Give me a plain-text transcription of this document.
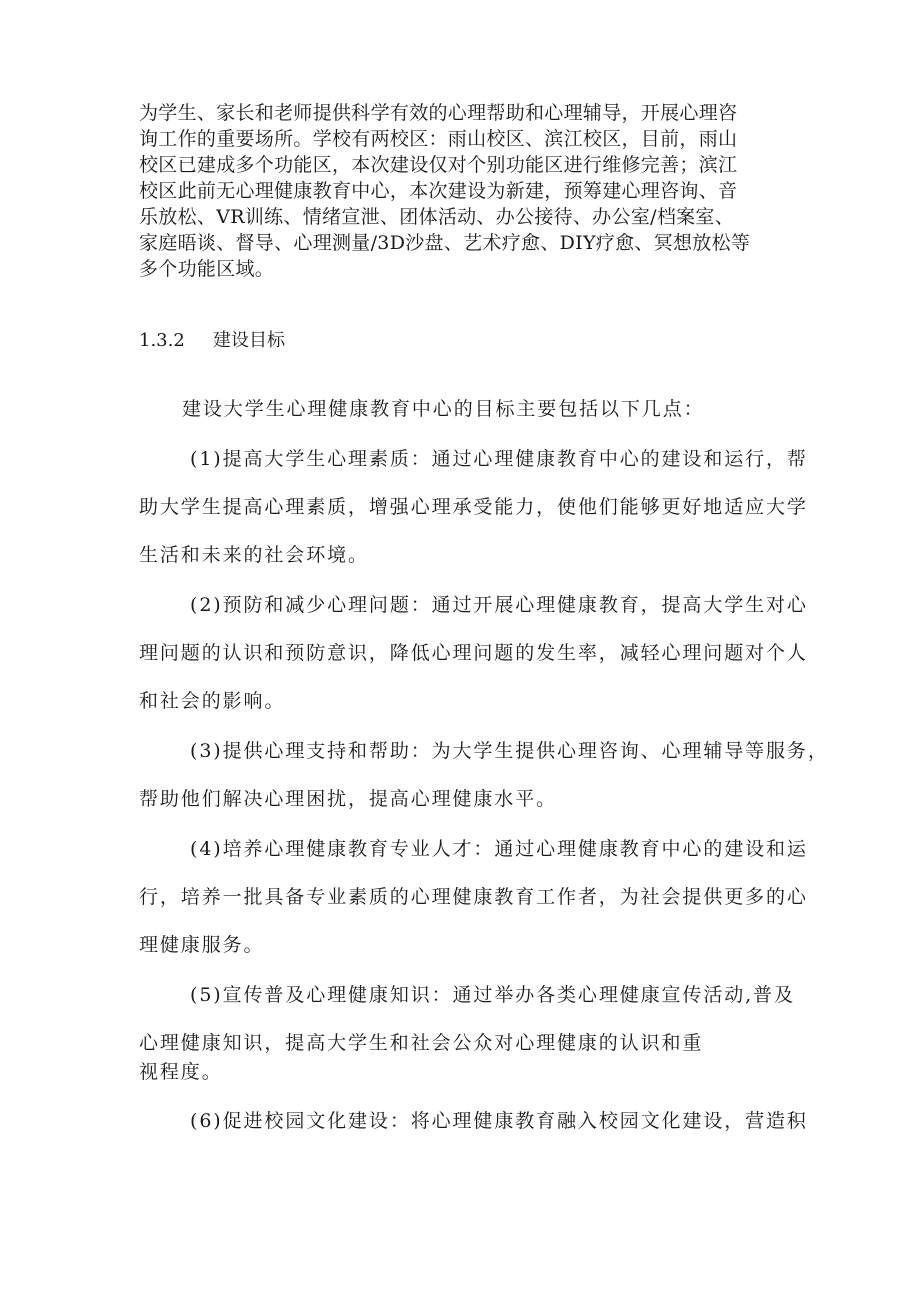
为学生、家长和老师提供科学有效的心理帮助和心理辅导，开展心理咨
询工作的重要场所。学校有两校区：雨山校区、滨江校区，目前，雨山
校区已建成多个功能区，本次建设仅对个别功能区进行维修完善；滨江
校区此前无心理健康教育中心，本次建设为新建，预筹建心理咨询、音
乐放松、VR训练、情绪宣泄、团体活动、办公接待、办公室/档案室、
家庭晤谈、督导、心理测量/3D沙盘、艺术疗愈、DIY疗愈、冥想放松等
多个功能区域。
1.3.2 建设目标
建设大学生心理健康教育中心的目标主要包括以下几点：
(1)提高大学生心理素质：通过心理健康教育中心的建设和运行，帮
助大学生提高心理素质，增强心理承受能力，使他们能够更好地适应大学
生活和未来的社会环境。
(2)预防和减少心理问题：通过开展心理健康教育，提高大学生对心
理问题的认识和预防意识，降低心理问题的发生率，减轻心理问题对个人
和社会的影响。
(3)提供心理支持和帮助：为大学生提供心理咨询、心理辅导等服务，
帮助他们解决心理困扰，提高心理健康水平。
(4)培养心理健康教育专业人才：通过心理健康教育中心的建设和运
行，培养一批具备专业素质的心理健康教育工作者，为社会提供更多的心
理健康服务。
(5)宣传普及心理健康知识：通过举办各类心理健康宣传活动,普及
心理健康知识，提高大学生和社会公众对心理健康的认识和重
视程度。
(6)促进校园文化建设：将心理健康教育融入校园文化建设，营造积
